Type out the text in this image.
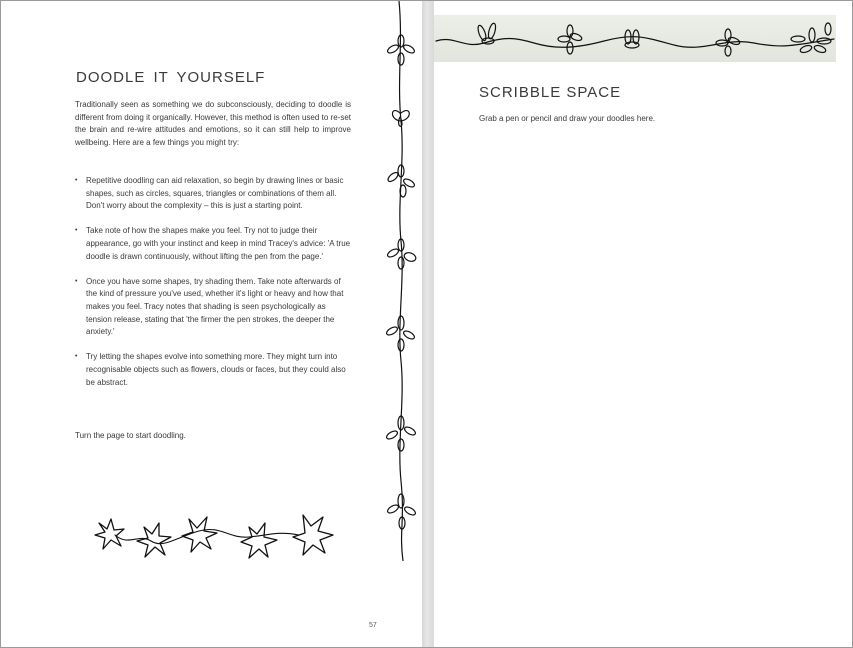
DOODLE IT YOURSELF

Traditionally seen as something we do subconsciously, deciding to doodle is different from doing it organically. However, this method is often used to re-set the brain and re-wire attitudes and emotions, so it can still help to improve wellbeing. Here are a few things you might try:

• Repetitive doodling can aid relaxation, so begin by drawing lines or basic shapes, such as circles, squares, triangles or combinations of them all. Don't worry about the complexity – this is just a starting point.
• Take note of how the shapes make you feel. Try not to judge their appearance, go with your instinct and keep in mind Tracey's advice: 'A true doodle is drawn continuously, without lifting the pen from the page.'
• Once you have some shapes, try shading them. Take note afterwards of the kind of pressure you've used, whether it's light or heavy and how that makes you feel. Tracy notes that shading is seen psychologically as tension release, stating that 'the firmer the pen strokes, the deeper the anxiety.'
• Try letting the shapes evolve into something more. They might turn into recognisable objects such as flowers, clouds or faces, but they could also be abstract.

Turn the page to start doodling.

57

SCRIBBLE SPACE

Grab a pen or pencil and draw your doodles here.
